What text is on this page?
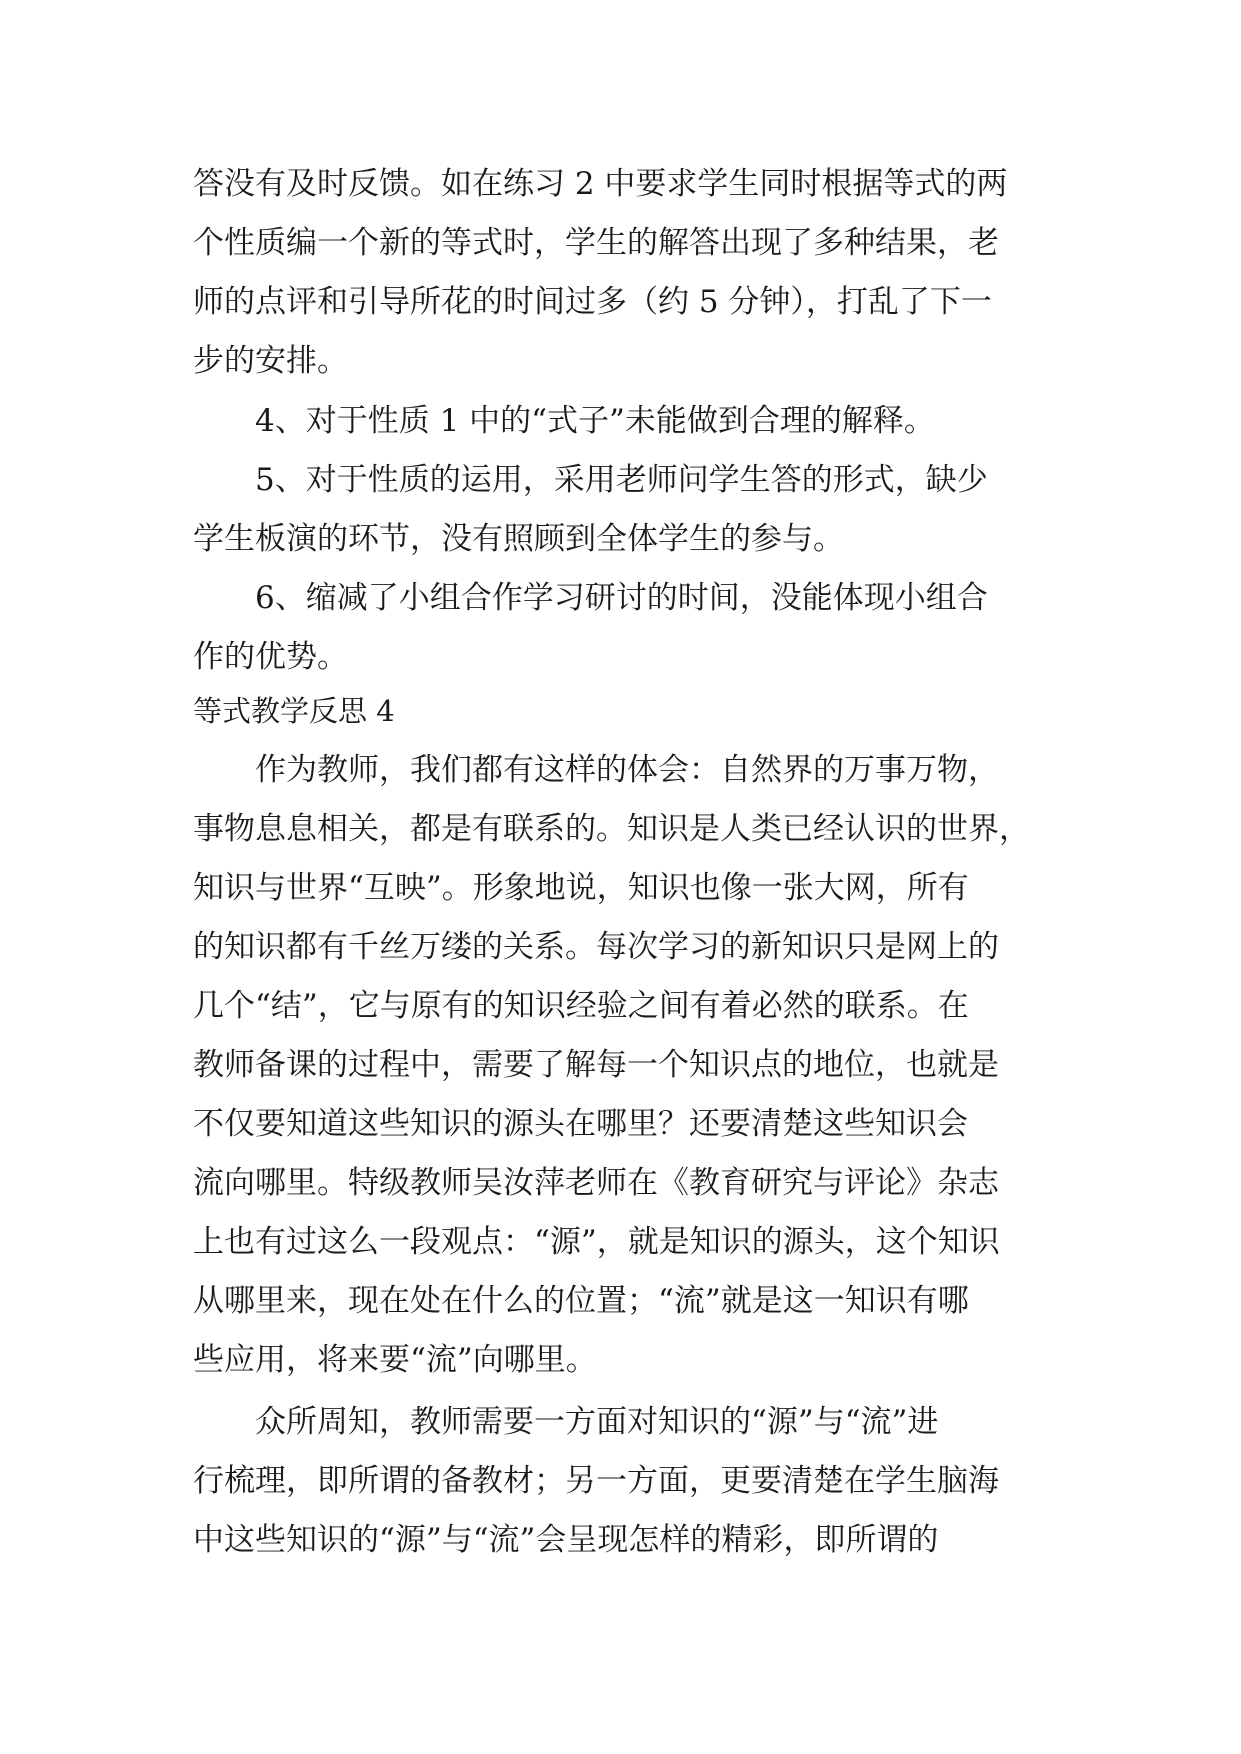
答没有及时反馈。如在练习 2 中要求学生同时根据等式的两
个性质编一个新的等式时，学生的解答出现了多种结果，老
师的点评和引导所花的时间过多（约 5 分钟），打乱了下一
步的安排。
4、对于性质 1 中的“式子”未能做到合理的解释。
5、对于性质的运用，采用老师问学生答的形式，缺少
学生板演的环节，没有照顾到全体学生的参与。
6、缩减了小组合作学习研讨的时间，没能体现小组合
作的优势。
等式教学反思 4
作为教师，我们都有这样的体会：自然界的万事万物，
事物息息相关，都是有联系的。知识是人类已经认识的世界，
知识与世界“互映”。形象地说，知识也像一张大网，所有
的知识都有千丝万缕的关系。每次学习的新知识只是网上的
几个“结”，它与原有的知识经验之间有着必然的联系。在
教师备课的过程中，需要了解每一个知识点的地位，也就是
不仅要知道这些知识的源头在哪里？还要清楚这些知识会
流向哪里。特级教师吴汝萍老师在《教育研究与评论》杂志
上也有过这么一段观点：“源”，就是知识的源头，这个知识
从哪里来，现在处在什么的位置；“流”就是这一知识有哪
些应用，将来要“流”向哪里。
众所周知，教师需要一方面对知识的“源”与“流”进
行梳理，即所谓的备教材；另一方面，更要清楚在学生脑海
中这些知识的“源”与“流”会呈现怎样的精彩，即所谓的
